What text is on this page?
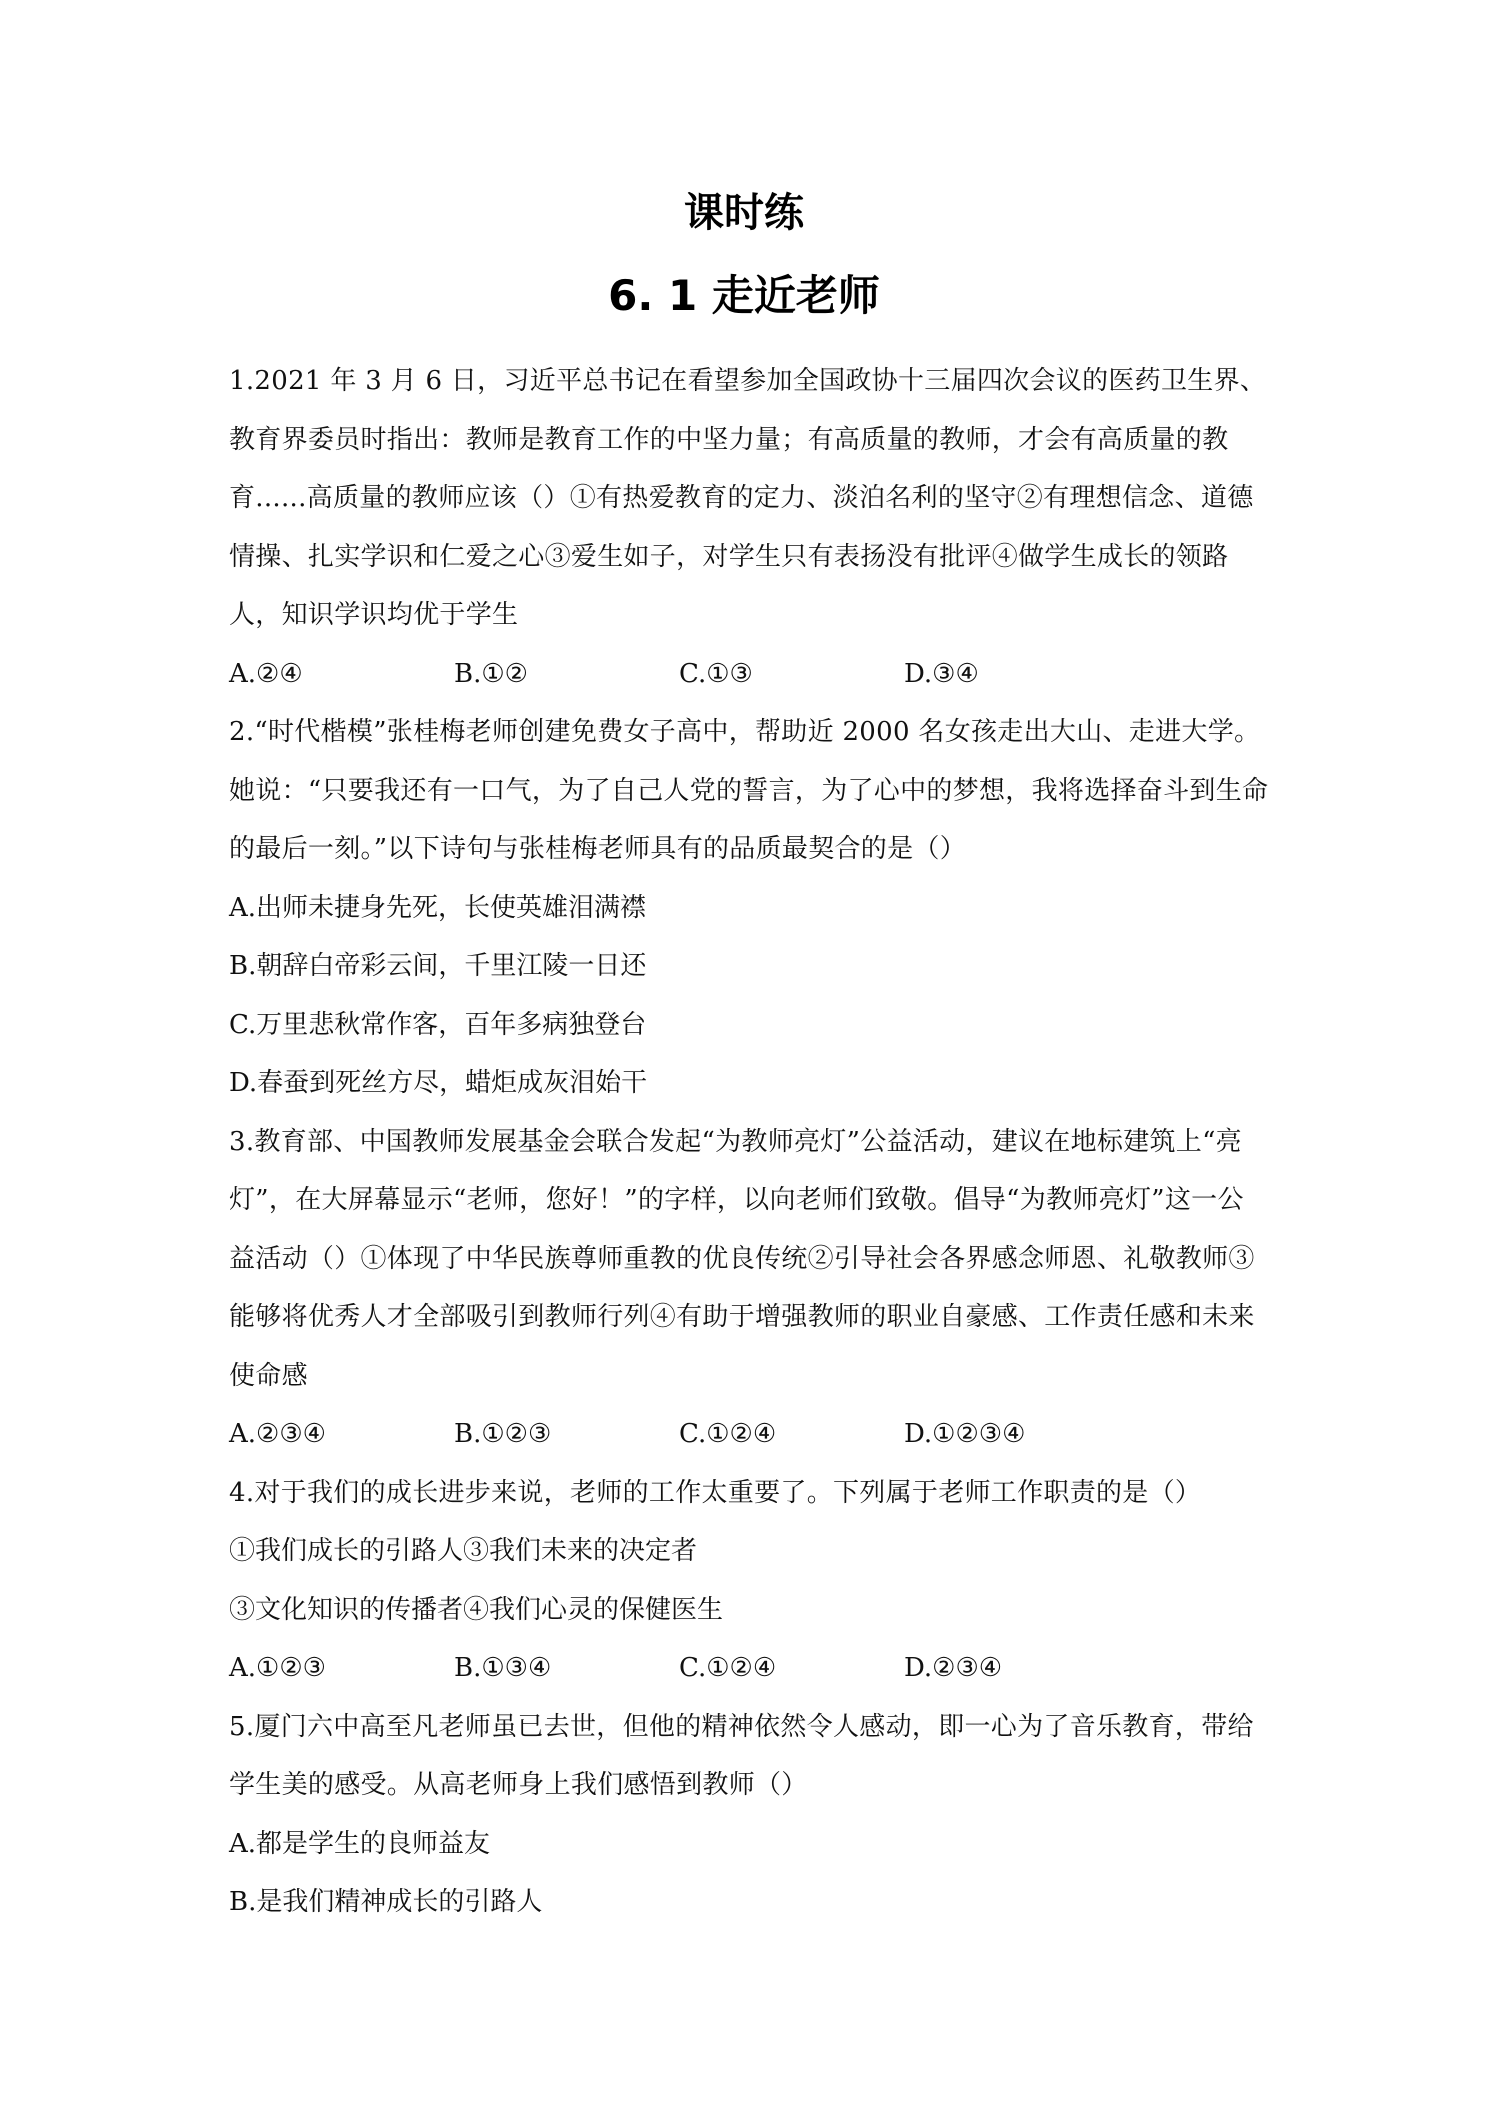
课时练
6. 1 走近老师

1.2021 年 3 月 6 日，习近平总书记在看望参加全国政协十三届四次会议的医药卫生界、教育界委员时指出：教师是教育工作的中坚力量；有高质量的教师，才会有高质量的教育......高质量的教师应该（）①有热爱教育的定力、淡泊名利的坚守②有理想信念、道德情操、扎实学识和仁爱之心③爱生如子，对学生只有表扬没有批评④做学生成长的领路人，知识学识均优于学生

A.②④	B.①②	C.①③	D.③④

2.“时代楷模”张桂梅老师创建免费女子高中，帮助近 2000 名女孩走出大山、走进大学。她说：“只要我还有一口气，为了自己人党的誓言，为了心中的梦想，我将选择奋斗到生命的最后一刻。”以下诗句与张桂梅老师具有的品质最契合的是（）

A.出师未捷身先死，长使英雄泪满襟

B.朝辞白帝彩云间，千里江陵一日还

C.万里悲秋常作客，百年多病独登台

D.春蚕到死丝方尽，蜡炬成灰泪始干

3.教育部、中国教师发展基金会联合发起“为教师亮灯”公益活动，建议在地标建筑上“亮灯”，在大屏幕显示“老师，您好！”的字样，以向老师们致敬。倡导“为教师亮灯”这一公益活动（）①体现了中华民族尊师重教的优良传统②引导社会各界感念师恩、礼敬教师③能够将优秀人才全部吸引到教师行列④有助于增强教师的职业自豪感、工作责任感和未来使命感

A.②③④	B.①②③	C.①②④	D.①②③④

4.对于我们的成长进步来说，老师的工作太重要了。下列属于老师工作职责的是（）

①我们成长的引路人③我们未来的决定者

③文化知识的传播者④我们心灵的保健医生

A.①②③	B.①③④	C.①②④	D.②③④

5.厦门六中高至凡老师虽已去世，但他的精神依然令人感动，即一心为了音乐教育，带给学生美的感受。从高老师身上我们感悟到教师（）

A.都是学生的良师益友

B.是我们精神成长的引路人
